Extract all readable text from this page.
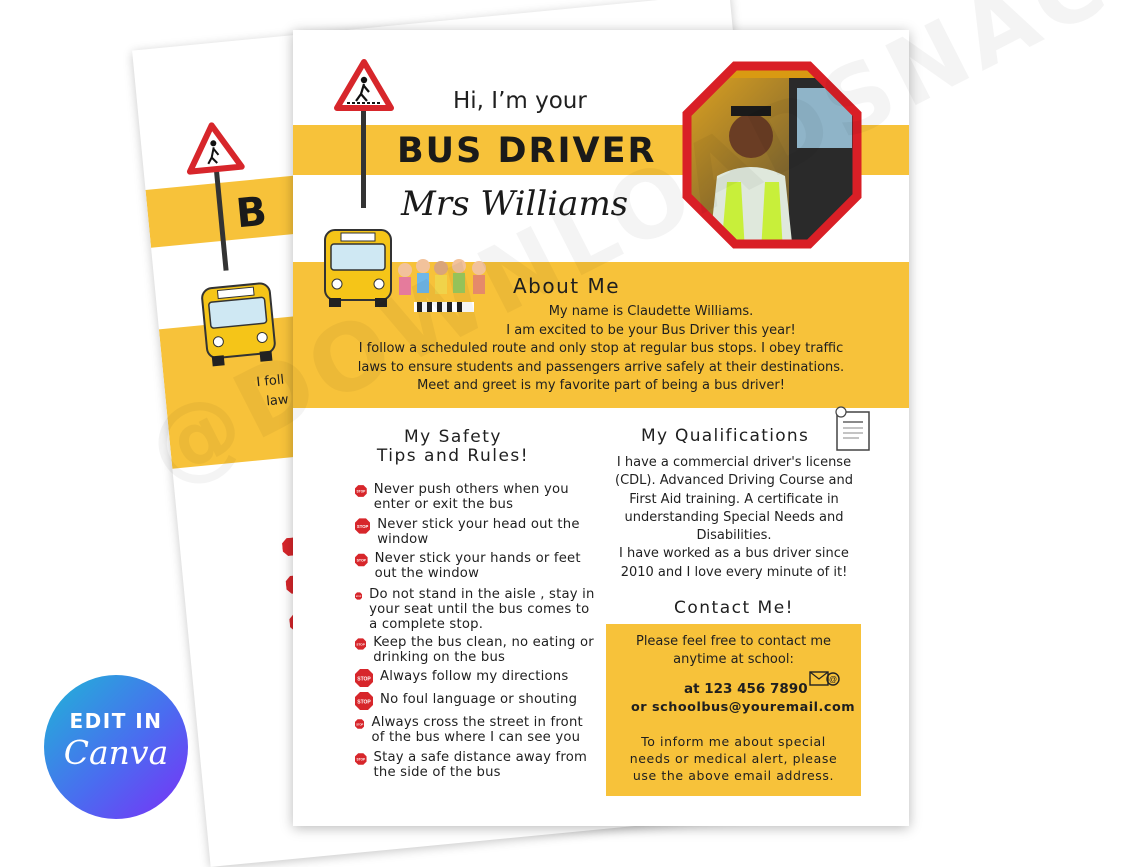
B
I foll
law
Hi, I’m your
BUS DRIVER
Mrs Williams
About Me
My name is Claudette Williams.
I am excited to be your Bus Driver this year!
I follow a scheduled route and only stop at regular bus stops. I obey traffic
laws to ensure students and passengers arrive safely at their destinations.
Meet and greet is my favorite part of being a bus driver!
My Safety
Tips and Rules!
STOP Never push others when you enter or exit the bus
STOP Never stick your head out the window
STOP Never stick your hands or feet out the window
STOP Do not stand in the aisle , stay in your seat until the bus comes to a complete stop.
STOP Keep the bus clean, no eating or drinking on the bus
STOP Always follow my directions
STOP No foul language or shouting
STOP Always cross the street in front of the bus where I can see you
STOP Stay a safe distance away from the side of the bus
My Qualifications
I have a commercial driver's license
(CDL). Advanced Driving Course and
First Aid training. A certificate in
understanding Special Needs and
Disabilities.
I have worked as a bus driver since
2010 and I love every minute of it!
Contact Me!
Please feel free to contact me
anytime at school:
at 123 456 7890
@
or schoolbus@youremail.com
To inform me about special
needs or medical alert, please
use the above email address.
EDIT IN
Canva
